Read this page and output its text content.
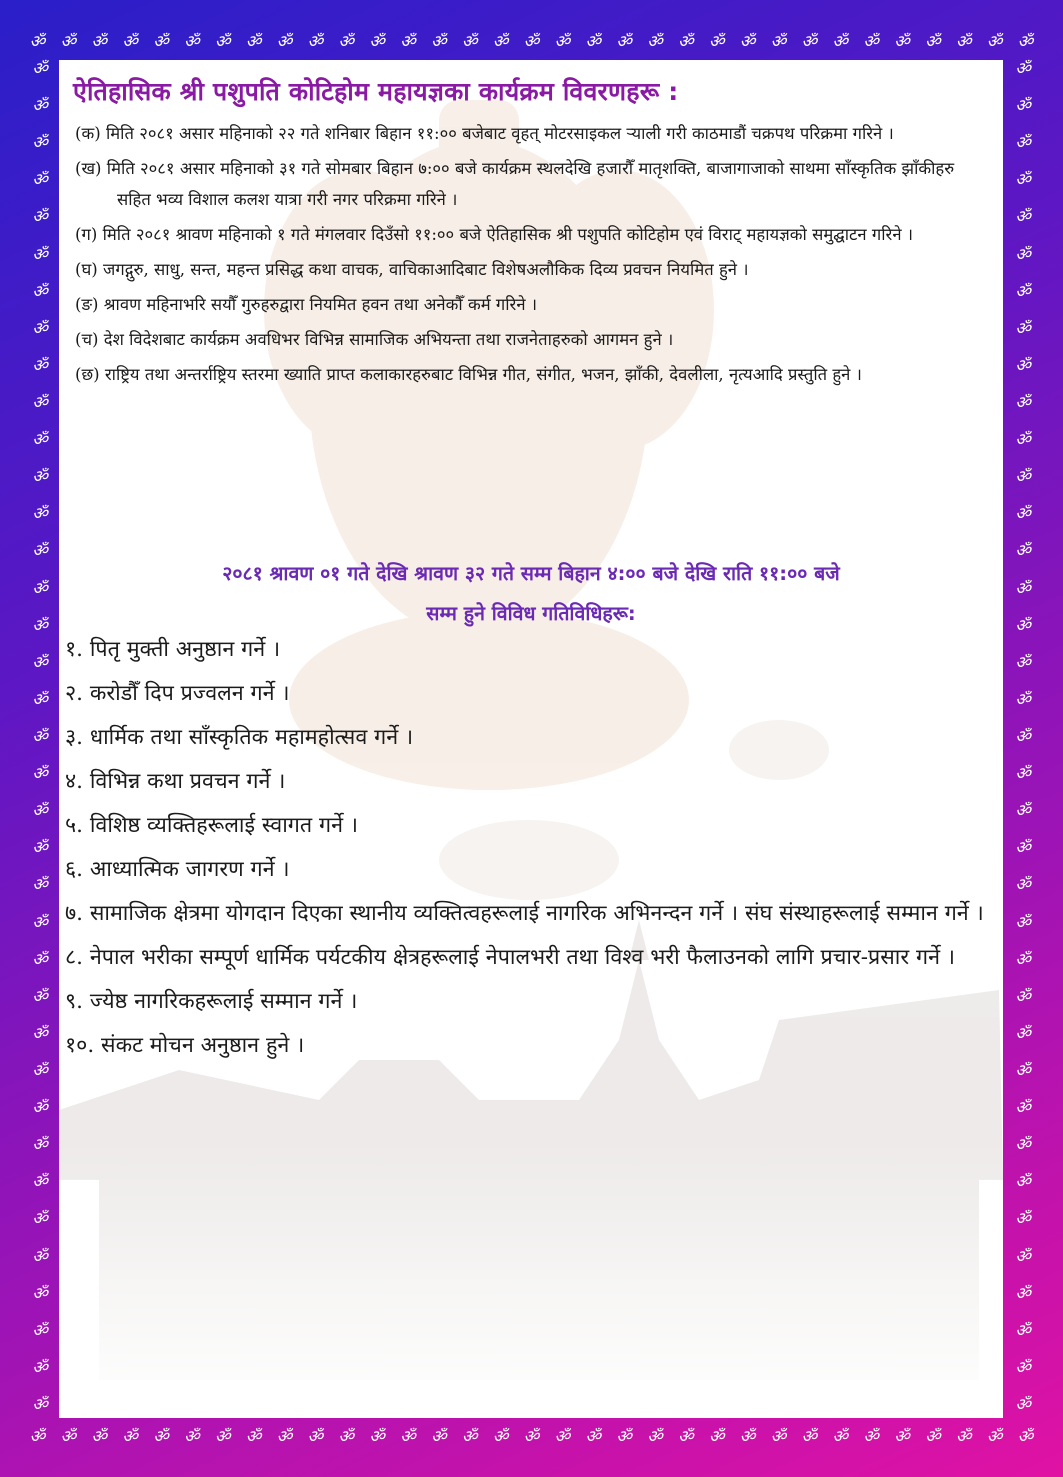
ॐ ॐ ॐ ॐ ॐ ॐ ॐ ॐ ॐ ॐ ॐ ॐ ॐ ॐ ॐ ॐ ॐ ॐ ॐ ॐ ॐ ॐ ॐ ॐ ॐ ॐ ॐ ॐ ॐ ॐ ॐ ॐ ॐ
ॐ ॐ ॐ ॐ ॐ ॐ ॐ ॐ ॐ ॐ ॐ ॐ ॐ ॐ ॐ ॐ ॐ ॐ ॐ ॐ ॐ ॐ ॐ ॐ ॐ ॐ ॐ ॐ ॐ ॐ ॐ ॐ ॐ
ॐ
ॐ
ॐ
ॐ
ॐ
ॐ
ॐ
ॐ
ॐ
ॐ
ॐ
ॐ
ॐ
ॐ
ॐ
ॐ
ॐ
ॐ
ॐ
ॐ
ॐ
ॐ
ॐ
ॐ
ॐ
ॐ
ॐ
ॐ
ॐ
ॐ
ॐ
ॐ
ॐ
ॐ
ॐ
ॐ
ॐ
ॐ
ॐ
ॐ
ॐ
ॐ
ॐ
ॐ
ॐ
ॐ
ॐ
ॐ
ॐ
ॐ
ॐ
ॐ
ॐ
ॐ
ॐ
ॐ
ॐ
ॐ
ॐ
ॐ
ॐ
ॐ
ॐ
ॐ
ॐ
ॐ
ॐ
ॐ
ॐ
ॐ
ॐ
ॐ
ॐ
ॐ
ऐतिहासिक श्री पशुपति कोटिहोम महायज्ञका कार्यक्रम विवरणहरू :
(क) मिति २०८१ असार महिनाको २२ गते शनिबार बिहान ११:०० बजेबाट वृहत् मोटरसाइकल र्‍याली गरी काठमाडौं चक्रपथ परिक्रमा गरिने ।
(ख) मिति २०८१ असार महिनाको ३१ गते सोमबार बिहान ७:०० बजे कार्यक्रम स्थलदेखि हजारौँ मातृशक्ति, बाजागाजाको साथमा साँस्कृतिक झाँकीहरु सहित भव्य विशाल कलश यात्रा गरी नगर परिक्रमा गरिने ।
(ग) मिति २०८१ श्रावण महिनाको १ गते मंगलवार दिउँसो ११:०० बजे ऐतिहासिक श्री पशुपति कोटिहोम एवं विराट् महायज्ञको समुद्घाटन गरिने ।
(घ) जगद्गुरु, साधु, सन्त, महन्त प्रसिद्ध कथा वाचक, वाचिकाआदिबाट विशेषअलौकिक दिव्य प्रवचन नियमित हुने ।
(ङ) श्रावण महिनाभरि सयौँ गुरुहरुद्वारा नियमित हवन तथा अनेकौँ कर्म गरिने ।
(च) देश विदेशबाट कार्यक्रम अवधिभर विभिन्न सामाजिक अभियन्ता तथा राजनेताहरुको आगमन हुने ।
(छ) राष्ट्रिय तथा अन्तर्राष्ट्रिय स्तरमा ख्याति प्राप्त कलाकारहरुबाट विभिन्न गीत, संगीत, भजन, झाँकी, देवलीला, नृत्यआदि प्रस्तुति हुने ।
२०८१ श्रावण ०१ गते देखि श्रावण ३२ गते सम्म बिहान ४:०० बजे देखि राति ११:०० बजे
सम्म हुने विविध गतिविधिहरू:
१. पितृ मुक्ती अनुष्ठान गर्ने ।
२. करोडौँ दिप प्रज्वलन गर्ने ।
३. धार्मिक तथा साँस्कृतिक महामहोत्सव गर्ने ।
४. विभिन्न कथा प्रवचन गर्ने ।
५. विशिष्ठ व्यक्तिहरूलाई स्वागत गर्ने ।
६. आध्यात्मिक जागरण गर्ने ।
७. सामाजिक क्षेत्रमा योगदान दिएका स्थानीय व्यक्तित्वहरूलाई नागरिक अभिनन्दन गर्ने । संघ संस्थाहरूलाई सम्मान गर्ने ।
८. नेपाल भरीका सम्पूर्ण धार्मिक पर्यटकीय क्षेत्रहरूलाई नेपालभरी तथा विश्व भरी फैलाउनको लागि प्रचार-प्रसार गर्ने ।
९. ज्येष्ठ नागरिकहरूलाई सम्मान गर्ने ।
१०. संकट मोचन अनुष्ठान हुने ।
